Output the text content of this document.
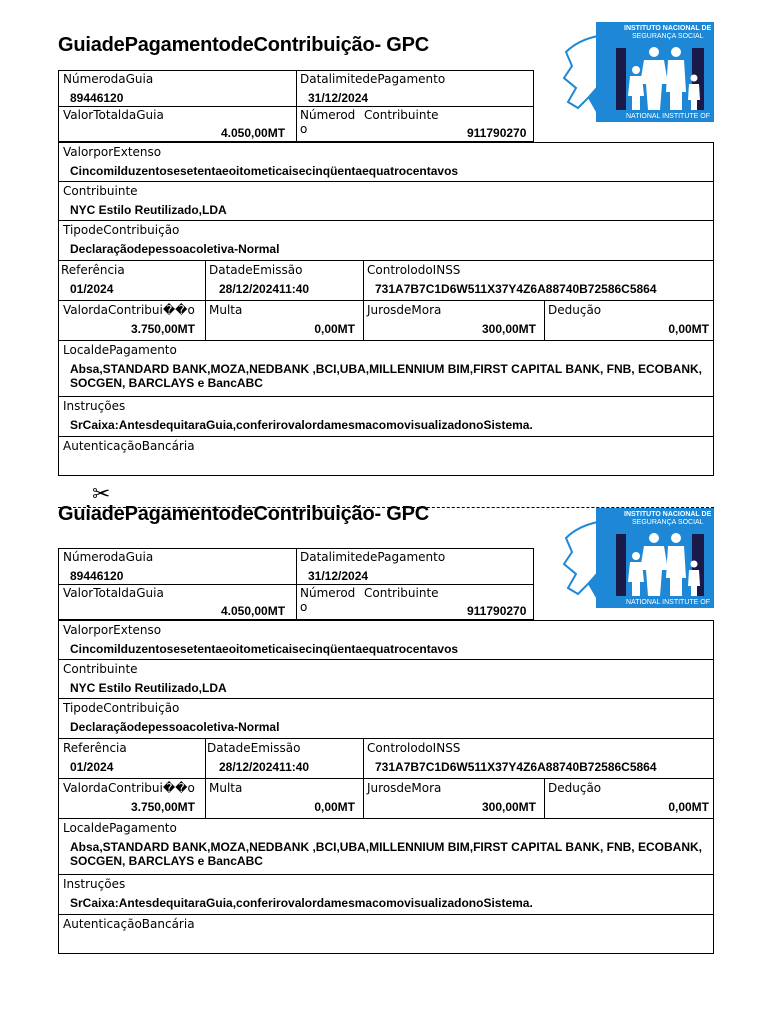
✂
GuiadePagamentodeContribuição- GPC
INSTITUTO NACIONAL DE
SEGURANÇA SOCIAL
NATIONAL INSTITUTE OF
NúmerodaGuia
89446120
DatalimitedePagamento
31/12/2024
ValorTotaldaGuia
4.050,00MT
Númerod Contribuinte
o	911790270
ValorporExtenso
Cincomilduzentosesetentaeoitometicaisecinqüentaequatrocentavos
Contribuinte
NYC Estilo Reutilizado,LDA
TipodeContribuição
Declaraçãodepessoacoletiva-Normal
Referência
01/2024
DatadeEmissão
28/12/202411:40
ControlodoINSS
731A7B7C1D6W511X37Y4Z6A88740B72586C5864
ValordaContribui��o
3.750,00MT
Multa
0,00MT
JurosdeMora
300,00MT
Dedução
0,00MT
LocaldePagamento
Absa,STANDARD BANK,MOZA,NEDBANK ,BCI,UBA,MILLENNIUM BIM,FIRST CAPITAL BANK, FNB, ECOBANK,
SOCGEN, BARCLAYS e BancABC
Instruções
SrCaixa:AntesdequitaraGuia,conferirovalordamesmacomovisualizadonoSistema.
AutenticaçãoBancária
GuiadePagamentodeContribuição- GPC	INSTITUTO NACIONAL DE
SEGURANÇA SOCIAL
NATIONAL INSTITUTE OF
NúmerodaGuia
89446120
DatalimitedePagamento
31/12/2024
ValorTotaldaGuia
4.050,00MT
Númerod Contribuinte
o	911790270
ValorporExtenso
Cincomilduzentosesetentaeoitometicaisecinqüentaequatrocentavos
Contribuinte
NYC Estilo Reutilizado,LDA
TipodeContribuição
Declaraçãodepessoacoletiva-Normal
Referência
01/2024
DatadeEmissão
28/12/202411:40
ControlodoINSS
731A7B7C1D6W511X37Y4Z6A88740B72586C5864
ValordaContribui��o
3.750,00MT
Multa
0,00MT
JurosdeMora
300,00MT
Dedução
0,00MT
LocaldePagamento
Absa,STANDARD BANK,MOZA,NEDBANK ,BCI,UBA,MILLENNIUM BIM,FIRST CAPITAL BANK, FNB, ECOBANK,
SOCGEN, BARCLAYS e BancABC
Instruções
SrCaixa:AntesdequitaraGuia,conferirovalordamesmacomovisualizadonoSistema.
AutenticaçãoBancária
